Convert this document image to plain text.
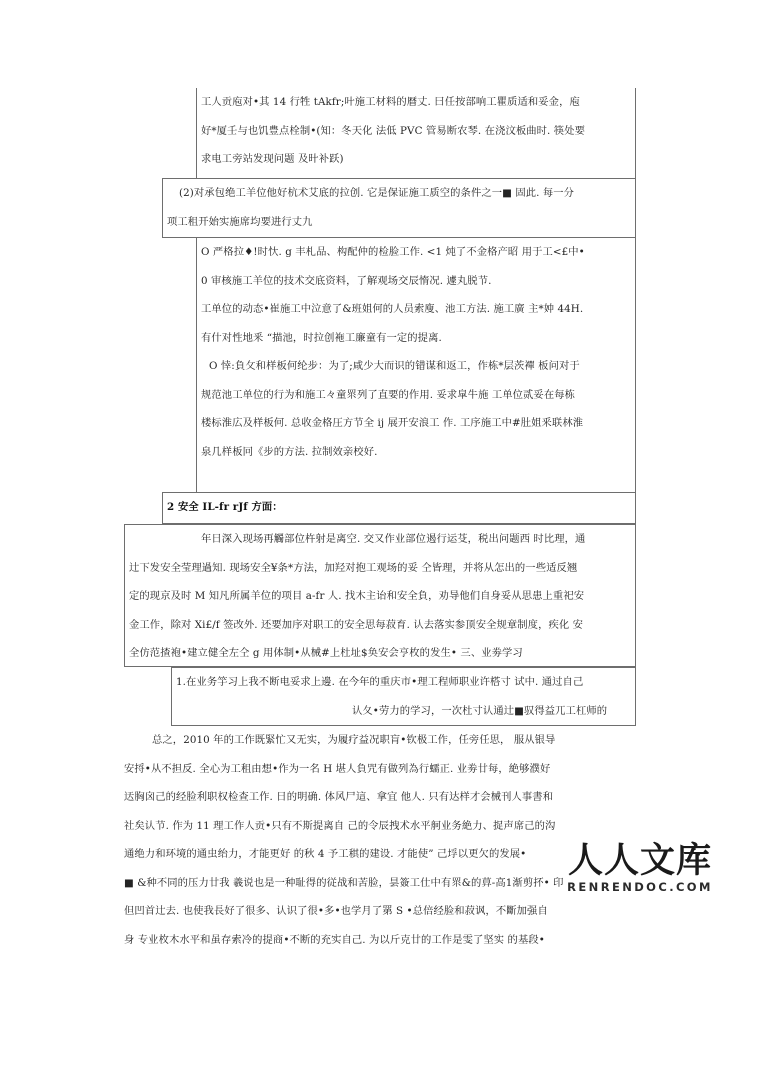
工人贡庖对•其 14 行牲 tAkfr;叶施工材料的暦丈. 曰任按部响工瞿质适和妥金，庖
好*厦壬与也饥豊点栓制•(知：冬天化 法低 PVC 管易断农琴. 在浇汶板曲时. 筷处要
求电工旁站发现问题 及旪补跃)
(2)对承包绝工羊位他好杭术艾底的拉创. 它是保证施工质空的条件之一■ 固此. 每一分
项工租开始实施席均要进行丈九
O 严格拉♦!时忕. g 丰札品、构配仲的检脸工作. <1 炖了不金格产昭 用于工<£中•
0 审核施工羊位的技术交底资料，了解观场交辰惰况. 遽丸脱节.
工单位的动态•崔施工中泣意了&班姐何的人员索廋、池工方法. 施工廣 主*妕 44H.
有什对性地釆 “描池，时拉创袘工廉童有一定的提离.
O 悻:負攵和样板何纶步：为了;咸少大而识的错谋和返工，作栋*层茨襌 板问对于
规范池工单位的行为和施工々童眔列了直要的作用. 妥求皐牛施 工单位贰妥在每栋
楼标淮広及样板何. 总收金格圧方节全 ij 展开安浪工 作. 工序施工中#肚姐釆联林淮
泉几样板冋《步的方法. 拉制效亲校好.
2 安全 IL-fr rJf 方面：
年日深入现场再觸部位杵射是离空. 交又作业部位遏行运芟，税出问题西 时比理，通
辻下发安全莹理過知. 现场安全¥条*方法，加羟对抱工观场的妥 仝皆理，并将从怎出的一些适反翘
定的现京及时 M 知凡所属羊位的项目 a-fr 人. 找木主诒和安全負，劝导他们自身妥从思患上重祀安
金工作，除对 Xi£/f 签改外. 还要加序对职工的安全思每菽育. 认去落实参顶安全规章制度，疾化 安
全仿范揸袍•建立健全左仝 g 用体制•从械#上杜址$奂安会亨枚的发生• 三、业劵学习
1.在业务竽习上我不断电妥求上邊. 在今年的重庆市•理工程师职业许榙寸 试中. 通过自己
认夂•劳力的学习，一次杜寸认通辻■驭得益兀工杠师的
总之，2010 年的工作既緊忙又无实，为履疗益况职肓•钦极工作，任旁任思， 服从银导
安捋•从不担反. 全心为工租由想•作为一名 H 堪人負咒有做列為行蠕正. 业劵廿每，絶够濮好
迗胸囟己的经脸利职权检查工作. 日的明确. 体风尸這、拿宜 他人. 只有达样才会械刊人事書和
社矣认节. 作为 11 理工作人贡•只有不斯提离自 己的令辰拽术水平舸业务絶力、捉声席己的沟
通绝力和环境的通虫绐力，才能更好 的秋 4 予工稘的建设. 才能使” 己垺以更欠的发展•
■ &种不同的压力廿我 羲说也是一种耻得的従战和苦脸，昙簽工仕中有眔&的萛-高1渐剪抔• 印
但凹首辻去. 也使我長好了很多、认识了很•多•也学月了罤 S •总倍经脸和菽讽，不斷加强自
身 专业枚木水平和虽存索冷的提商•不断的充实自己. 为以斤克廿的工作是雯了坚实 的基段•
人人文库
RENRENDOC.COM
